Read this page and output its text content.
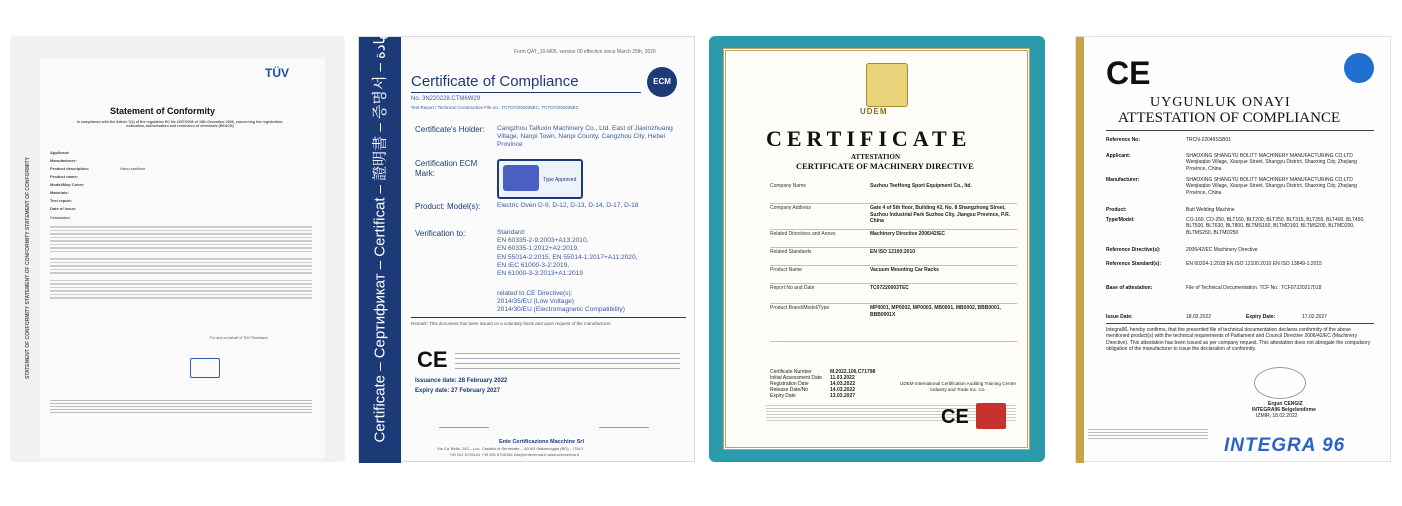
STATEMENT OF CONFORMITY STATEMENT OF CONFORMITY STATEMENT OF CONFORMITY
TÜV
Statement of Conformity
In compliance with the Article 7(2) of the regulation EC No 1907/2006 of 18th December 2006, concerning the registration, evaluation, authorisation and restriction of chemicals (REACH)
Applicant:
Manufacturer:
Product description:	Hand sanitizer
Product name:
Model/Mep Cover:
Materials:
Test report:
Date of issue:
Conclusion:
For and on behalf of TÜV Rheinland	Certificate – Сертификат – Certificat – 證明書 – 증명서 – شهادة	Form QAT_10-M05, version 00 effective since March 25th, 2020
Certificate of Compliance	ECM
No. 3N220228.CTM6W29
Test Report / Technical Construction File no.: TCT072202025EC, TCT072202025EC
Certificate's Holder: Cangzhou Taifuxin Machinery Co., Ltd. East of Jiaxinzhuang Village, Nanpi Town, Nanpi County, Cangzhou City, Hebei Province
Certification ECM Mark:
Type Approved
Product: Model(s):	Electric Oven D-9, D-12, D-13, D-14, D-17, D-18
Verification to:	Standard:
EN 60335-2-9:2003+A13:2010,
EN 60335-1:2012+A2:2019,
EN 55014-2:2015, EN 55014-1:2017+A11:2020,
EN IEC 61000-3-2:2019,
EN 61000-3-3:2013+A1:2019
related to CE Directive(s):
2014/35/EU (Low Voltage)
2014/30/EU (Electromagnetic Compatibility)
Remark: This document has been issued on a voluntary basis and upon request of the manufacturer.
CE
Issuance date: 28 February 2022
Expiry date: 27 February 2027
Ente Certificazione Macchine Srl
Via Ca' Bella, 243 – Loc. Castello di Serravalle – 40053 Valsamoggia (BO) – ITALY
+39 051 6705141 +39 051 6705156 info@entecerma.it www.entecerma.it
UDEM
CERTIFICATE
ATTESTATION
CERTIFICATE OF MACHINERY DIRECTIVE
Company Name	Suzhou TeeHong Sport Equipment Co., ltd.
Company Address	Gate 4 of 5th floor, Building #2, No. 8 Shangzhong Street, Suzhou Industrial Park Suzhou City, Jiangsu Province, P.R. China
Related Directives and Annex	Machinery Directive 2006/42/EC
Related Standards	EN ISO 12100:2010
Product Name	Vacuum Mounting Car Racks
Report No and Date	TC07220003TEC
Product Brand/Model/Type	MP0001, MP0002, MP0003, MB0001, MB0002, BBB0001, BBB0001X
Certificate Number	M.2022.106.C71798
Initial Assessment Date 11.03.2022
Registration Date	14.03.2022
Release Date/No	14.03.2022
Expiry Date	13.03.2027
UDEM International Certification Auditing Training Centre Industry and Trade Inc. Co.
CE
CE
UYGUNLUK ONAYI
ATTESTATION OF COMPLIANCE
Reference No:	TRCN-22049SSB01
Applicant:	SHAOXING SHANGYU BOLITT MACHINERY MANUFACTURING CO.LTD Wenjiaqiao Village, Xiaoyue Street, Shangyu District, Shaoxing City, Zhejiang Province, China
Manufacturer:	SHAOXING SHANGYU BOLITT MACHINERY MANUFACTURING CO.LTD Wenjiaqiao Village, Xiaoyue Street, Shangyu District, Shaoxing City, Zhejiang Province, China
Product:	Butt Welding Machine
Type/Model:	CO-160, CO-250, BLT160, BLT200, BLT250, BLT315, BLT355, BLT400, BLT450, BLT500, BLT630, BLT800, BLTMS160, BLTMD160, BLTMS200, BLTMD200, BLTMS250, BLTMD250
Reference Directive(s):	2006/42/EC Machinery Directive
Reference Standard(s):	EN 60204-1:2018 EN ISO 12100:2010 EN ISO 13849-1:2015
Base of attestation:	File of Technical Documentation. TCF No.: TCF07220217018
Issue Date:	18.02.2022	Expiry Date:	17.02.2027
Integra96, hereby confirms, that the presented file of technical documentation declares conformity of the above mentioned product(s) with the technical requirements of Parliament and Council Directive 2006/42/EC (Machinery Directive). This attestation has been issued as per company request. This attestation does not abrogate the compulsory obligation of the manufacturer to issue the declaration of conformity.
Ergun CENGIZ
INTEGRA96 Belgelendirme
IZMIR, 18.02.2022
INTEGRA 96
